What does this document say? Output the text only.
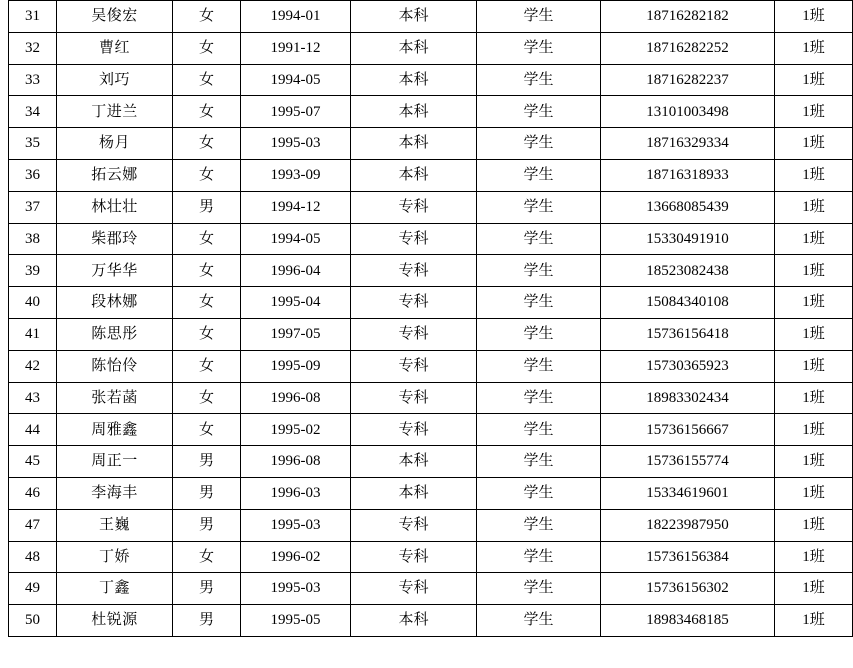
31	吴俊宏	女	1994-01	本科	学生	18716282182	1班
32	曹红	女	1991-12	本科	学生	18716282252	1班
33	刘巧	女	1994-05	本科	学生	18716282237	1班
34	丁进兰	女	1995-07	本科	学生	13101003498	1班
35	杨月	女	1995-03	本科	学生	18716329334	1班
36	拓云娜	女	1993-09	本科	学生	18716318933	1班
37	林壮壮	男	1994-12	专科	学生	13668085439	1班
38	柴郡玲	女	1994-05	专科	学生	15330491910	1班
39	万华华	女	1996-04	专科	学生	18523082438	1班
40	段林娜	女	1995-04	专科	学生	15084340108	1班
41	陈思彤	女	1997-05	专科	学生	15736156418	1班
42	陈怡伶	女	1995-09	专科	学生	15730365923	1班
43	张若菡	女	1996-08	专科	学生	18983302434	1班
44	周雅鑫	女	1995-02	专科	学生	15736156667	1班
45	周正一	男	1996-08	本科	学生	15736155774	1班
46	李海丰	男	1996-03	本科	学生	15334619601	1班
47	王巍	男	1995-03	专科	学生	18223987950	1班
48	丁娇	女	1996-02	专科	学生	15736156384	1班
49	丁鑫	男	1995-03	专科	学生	15736156302	1班
50	杜锐源	男	1995-05	本科	学生	18983468185	1班
